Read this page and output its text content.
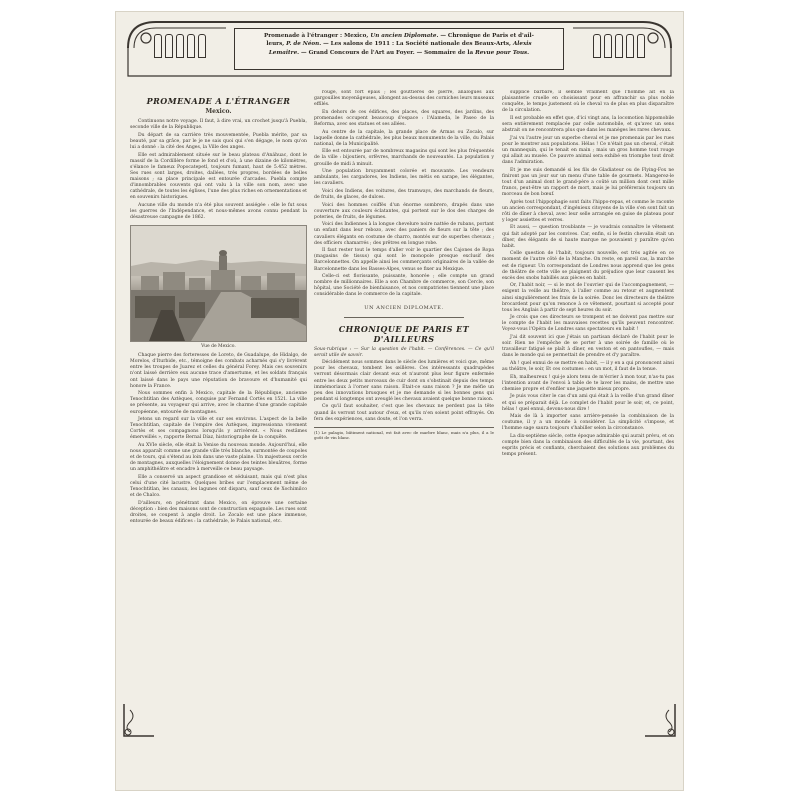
Promenade à l'étranger : Mexico, Un ancien Diplomate. — Chronique de Paris et d'ail-
leurs, P. de Néon. — Les salons de 1911 : La Société nationale des Beaux-Arts, Alexis
Lemaitre. — Grand Concours de l'Art au Foyer. — Sommaire de la Revue pour Tous.
PROMENADE A L'ÉTRANGER
Mexico.

Continuons notre voyage. Il faut, à dire vrai, un crochet jusqu'à Puebla, seconde ville de la République.

Du départ de sa carrière très mouvementée, Puebla mérite, par sa beauté, par sa grâce, par le je ne sais quoi qui s'en dégage, le nom qu'on lui a donné : la cité des Anges, la Ville des anges.

Elle est admirablement située sur le beau plateau d'Anáhuac, dont le massif de la Cordillère forme le fond et d'où, à une dizaine de kilomètres, s'élance le fameux Popocatepetl, toujours fumant, haut de 5.452 mètres. Ses rues sont larges, droites, dallées, très propres, bordées de belles maisons ; sa place principale est entourée d'arcades. Puebla compte d'innombrables couvents qui ont valu à la ville son nom, avec une cathédrale, de toutes les églises, l'une des plus riches en ornementations et en souvenirs historiques.

Aucune ville du monde n'a été plus souvent assiégée : elle le fut sous les guerres de l'Indépendance, et nous-mêmes avons connu pendant la désastreuse campagne de 1862.

Vue de Mexico.

Chaque pierre des forteresses de Loreto, de Guadalupe, de Hidalgo, de Morelos, d'Iturbide, etc., témoigne des combats acharnés qui s'y livrèrent entre les troupes de Juarez et celles du général Forey. Mais ces souvenirs n'ont laissé derrière eux aucune trace d'amertume, et les soldats français ont laissé dans le pays une réputation de bravoure et d'humanité qui honore la France.

Nous sommes enfin à Mexico, capitale de la République, ancienne Tenochtitlan des Aztèques, conquise par Fernand Cortès en 1521. La ville se présente, au voyageur qui arrive, avec le charme d'une grande capitale européenne, entourée de montagnes.

Jetons un regard sur la ville et sur ses environs. L'aspect de la belle Tenochtitlan, capitale de l'empire des Aztèques, impressionna vivement Cortès et ses compagnons lorsqu'ils y arrivèrent. « Nous restâmes émerveillés », rapporte Bernal Díaz, historiographe de la conquête.

Au XVIe siècle, elle était la Venise du nouveau monde. Aujourd'hui, elle nous apparaît comme une grande ville très blanche, surmontée de coupoles et de tours, qui s'étend au loin dans une vaste plaine. Un majestueux cercle de montagnes, auxquelles l'éloignement donne des teintes bleuâtres, forme un amphithéâtre et encadre à merveille ce beau paysage.

Elle a conservé un aspect grandiose et séduisant, mais qui n'est plus celui d'une cité lacustre. Quelques bribes sur l'emplacement même de Tenochtitlan, les canaux, les lagunes ont disparu, sauf ceux de Xochimilco et de Chalco.

D'ailleurs, en pénétrant dans Mexico, on éprouve une certaine déception : bien des maisons sont de construction espagnole. Les rues sont droites, se coupent à angle droit. Le Zocalo est une place immense, entourée de beaux édifices : la cathédrale, le Palais national, etc.

rouge, sont fort épais ; les gouttières de pierre, analogues aux gargouilles moyenâgeuses, allongent au-dessus des corniches leurs museaux effilés.

En dehors de ces édifices, des places, des squares, des jardins, des promenades occupent beaucoup d'espace : l'Alameda, le Paseo de la Reforma, avec ses statues et ses allées.

Au centre de la capitale, la grande place de Armas ou Zocalo, sur laquelle donne la cathédrale, les plus beaux monuments de la ville, du Palais national, de la Municipalité.

Elle est entourée par de nombreux magasins qui sont les plus fréquentés de la ville : bijoutiers, orfèvres, marchands de nouveautés. La population y grouille de midi à minuit.

Une population bruyamment colorée et mouvante. Les vendeurs ambulants, les cargadores, les Indiens, les métis en sarape, les élégantes, les cavaliers.

Voici des Indiens, des voitures, des tramways, des marchands de fleurs, de fruits, de glaces, de dulces.

Voici des hommes coiffés d'un énorme sombrero, drapés dans une couverture aux couleurs éclatantes, qui portent sur le dos des charges de poteries, de fruits, de légumes.

Voici des Indiennes à la longue chevelure noire nattée de rubans, portant un enfant dans leur rebozo, avec des paniers de fleurs sur la tête ; des cavaliers élégants en costume de charro, montés sur de superbes chevaux ; des officiers chamarrés ; des prêtres en longue robe.

Il faut rester tout le temps d'aller voir le quartier des Cajones de Ropa (magasins de tissus) qui sont le monopole presque exclusif des Barcelonnettes. On appelle ainsi les commerçants originaires de la vallée de Barcelonnette dans les Basses-Alpes, venus se fixer au Mexique.

Celle-ci est florissante, puissante, honorée ; elle compte un grand nombre de millionnaires. Elle a son Chambre de commerce, son Cercle, son hôpital, une Société de bienfaisance, et nos compatriotes tiennent une place considérable dans le commerce de la capitale.

UN ANCIEN DIPLOMATE.
CHRONIQUE DE PARIS ET D'AILLEURS

Sous-rubrique : — Sur la question de l'habit. — Conférences. — Ce qu'il serait utile de savoir.

Décidément nous sommes dans le siècle des lumières et voici que, même pour les chevaux, tombent les œillères. Ces intéressants quadrupèdes verront désormais clair devant eux et n'auront plus leur figure enfermée entre les deux petits morceaux de cuir dont on s'obstinait depuis des temps immémoriaux à l'orner sans raison. Était-ce sans raison ? Je me méfie un peu des innovations brusques et je me demande si les bonnes gens qui pendant si longtemps ont aveuglé les chevaux avaient quelque bonne raison.

Ce qu'il faut souhaiter, c'est que les chevaux ne perdent pas la tête quand ils verront tout autour d'eux, et qu'ils n'en soient point effrayés. On fera des expériences, sans doute, et l'on verra.

(1) Le palagio, bâtiment national, est fait avec de marbre blanc, mais n'a plus, il a le goût de vin blanc.

supplice barbare, il semble vraiment que l'homme ait en la plaisanterie cruelle en choisissant pour en affranchir sa plus noble conquête, le temps justement où le cheval va de plus en plus disparaître de la circulation.

Il est probable en effet que, d'ici vingt ans, la locomotion hippomobile sera entièrement remplacée par celle automobile, et qu'avec un sens abstrait on ne rencontrera plus que dans les manèges les rares chevaux.

J'ai vu l'autre jour un superbe cheval et je me promenais par les rues pour le montrer aux populations. Hélas ! Ce n'était pas un cheval, c'était un mannequin, qui le tenait en main ; mais un gros homme tout rouge qui allait au musée. Ce pauvre animal sera exhibé en triomphe tout droit dans l'admiration.

Et je me suis demandé si les fils de Gladiateur ou de Flying-Fox ne finiront pas un jour sur un menu d'une table de gourmets. Mangerez-le tout d'un animal dont le grand-père a coûté un million dont cent mille francs, peut-être un rapport de mort, mais je lui préférerais toujours un morceau de bon bœuf.

Après tout l'hippophagie sont faits l'hippo-repas, et comme le raconte un ancien correspondant, d'ingénieux citoyens de la ville s'en sont fait un rôti de dîner à cheval, avec leur selle arrangée en guise de plateau pour y loger assiettes et verres.

Et aussi, — question troublante — je voudrais connaître le vêtement qui fait adopté par les convives. Car, enfin, si le festin chevalin était un dîner, des élégants de si haute marque ne pouvaient y paraître qu'en habit.

Celle question de l'habit, toujours nouvelle, est très agitée en ce moment de l'autre côté de la Manche. On reste, en pareil cas, la marche est de rigueur. Un correspondant de Londres nous apprend que les gens de théâtre de cette ville se plaignent du préjudice que leur causent les excès des snobs habillés aux pièces en habit.

Or, l'habit noir, — si le mot de l'ouvrier qui de l'accompagnement, — exigent la veille au théâtre, à l'aller comme au retour et augmentent ainsi singulièrement les frais de la soirée. Donc les directeurs de théâtre brocardent pour qu'on renonce à ce vêtement, pourtant si accepté pour tous les Anglais à partir de sept heures du soir.

Je crois que ces directeurs se trompent et ne doivent pas mettre sur le compte de l'habit les mauvaises recettes qu'ils peuvent rencontrer. Voyez-vous l'Opéra de Londres sans spectateurs en habit !

J'ai dit souvent ici que j'étais un partisan déclaré de l'habit pour le soir. Rien ne l'empêche de se porter à une soirée de famille où le travailleur fatigué se plaît à dîner, en veston et en pantoufles, — mais dans le monde qui se permettait de prendre et d'y paraître.

Ah ! quel ennui de se mettre en habit, — il y en a qui prononcent ainsi au théâtre, le soir, Et ces costumes : en un mot, il faut de la tenue.

Eh, malheureux ! qui-je alors tenu de m'écrier à mon tour, n'as-tu pas l'intention avant de l'envoi à table de te laver les mains, de mettre une chemise propre et d'enfiler une jaquette mieux propre.

Je puis vous citer le cas d'un ami qui était à la veille d'un grand dîner et qui se préparait déjà. Le complet de l'habit pour le soir, et, ce point, hélas ! quel ennui, devons-nous dire !

Mais de là à importer sans arrière-pensée la combinaison de la coutume, il y a un monde à considérer. La simplicité s'impose, et l'homme sage saura toujours s'habiller selon la circonstance.

La dix-septième siècle, cette époque admirable qui aurait prévu, et on compte bien dans la combinaison des difficultés de la vie, pourtant, des esprits précis et confiants, cherchaient des solutions aux problèmes du temps présent.
